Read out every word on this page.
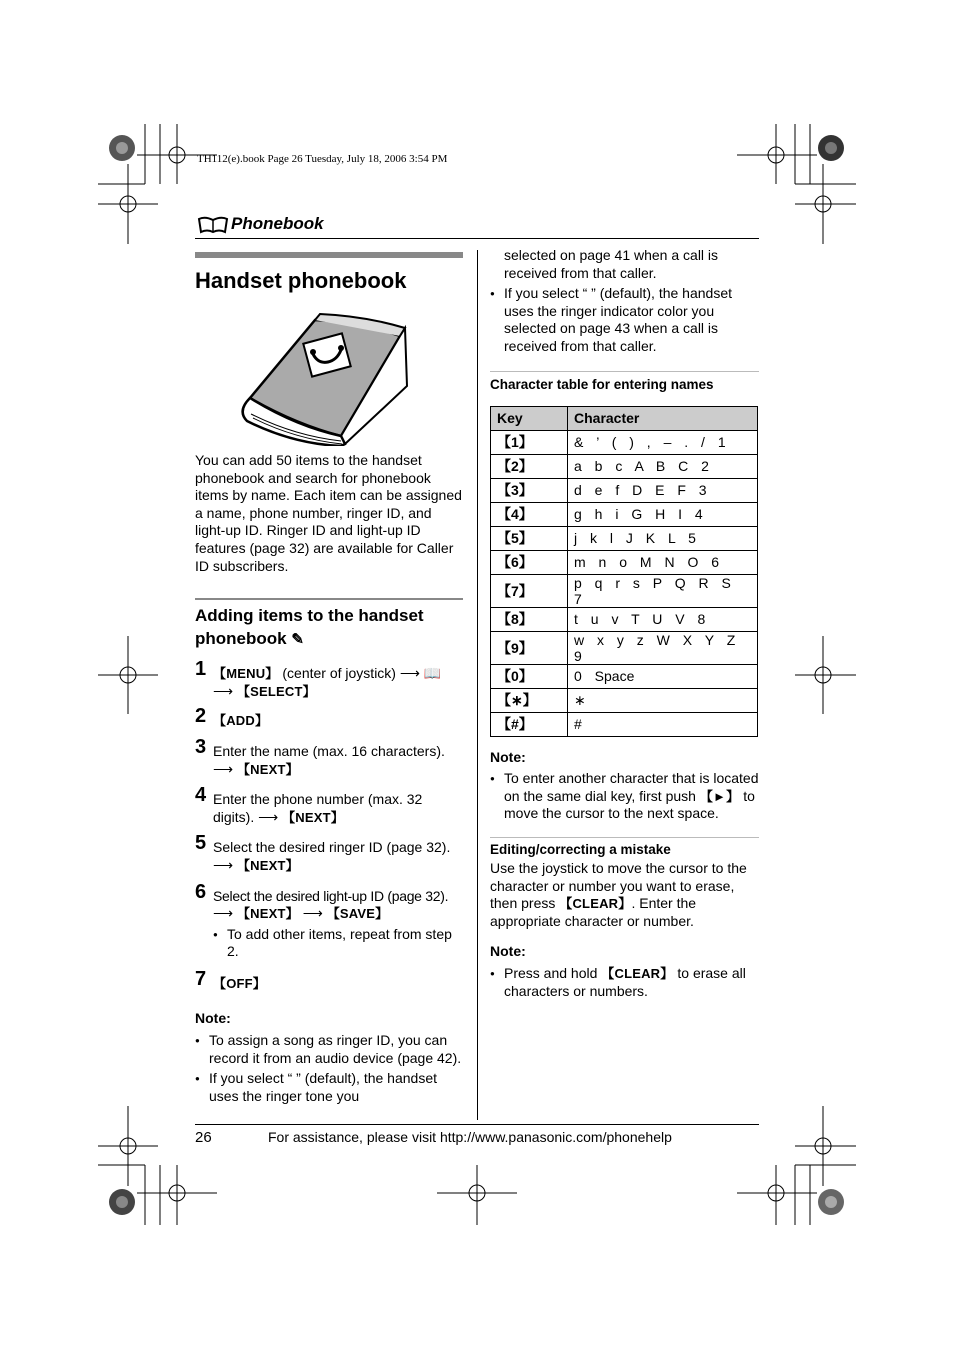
TH112(e).book Page 26 Tuesday, July 18, 2006 3:54 PM
Phonebook
Handset phonebook

You can add 50 items to the handset phonebook and search for phonebook items by name. Each item can be assigned a name, phone number, ringer ID, and light-up ID. Ringer ID and light-up ID features (page 32) are available for Caller ID subscribers.

Adding items to the handset phonebook ✎
1 【MENU】 (center of joystick) ⟶ 📖
⟶ 【SELECT】
2 【ADD】
3 Enter the name (max. 16 characters).
⟶ 【NEXT】
4 Enter the phone number (max. 32 digits). ⟶ 【NEXT】
5 Select the desired ringer ID (page 32).
⟶ 【NEXT】
6 Select the desired light-up ID (page 32).
⟶ 【NEXT】 ⟶ 【SAVE】
● To add other items, repeat from step 2.
7 【OFF】
Note:
● To assign a song as ringer ID, you can record it from an audio device (page 42).
● If you select “ ” (default), the handset uses the ringer tone you

selected on page 41 when a call is received from that caller.

● If you select “ ” (default), the handset uses the ringer indicator color you selected on page 43 when a call is received from that caller.
Character table for entering names
Key	Character
【1】	& ’ ( ) , – . / 1
【2】	a b c A B C 2
【3】	d e f D E F 3
【4】	g h i G H I 4
【5】	j k l J K L 5
【6】	m n o M N O 6
【7】	p q r s P Q R S 7
【8】	t u v T U V 8
【9】	w x y z W X Y Z 9
【0】	0 Space
【∗】	∗
【#】	#
Note:
● To enter another character that is located on the same dial key, first push 【►】 to move the cursor to the next space.
Editing/correcting a mistake

Use the joystick to move the cursor to the character or number you want to erase, then press 【CLEAR】. Enter the appropriate character or number.

Note:
● Press and hold 【CLEAR】 to erase all characters or numbers.
26	For assistance, please visit http://www.panasonic.com/phonehelp
